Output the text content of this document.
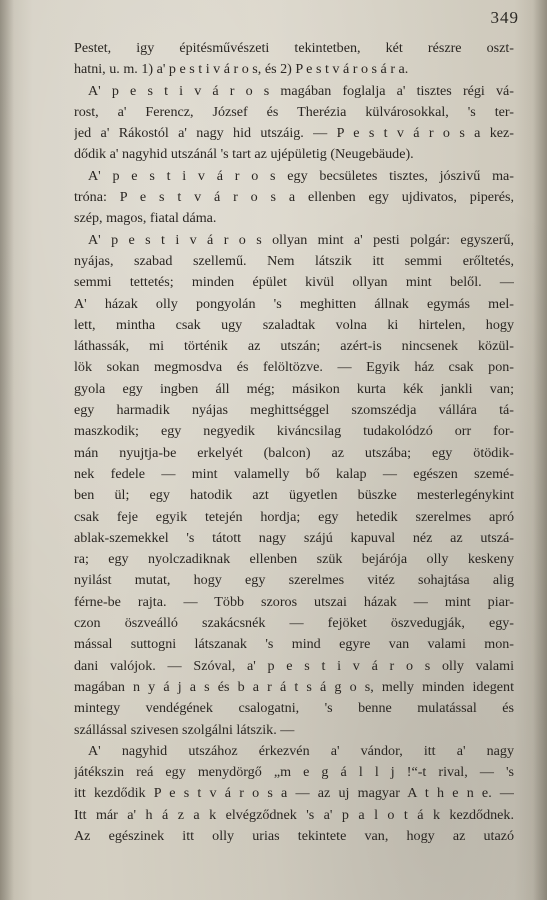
349
Pestet, igy épitésművészeti tekintetben, két részre oszt-
hatni, u. m. 1) a' p e s t i v á r o s, és 2) P e s t v á r o s á r a.
A' p e s t i v á r o s magában foglalja a' tisztes régi vá-
rost, a' Ferencz, József és Therézia külvárosokkal, 's ter-
jed a' Rákostól a' nagy hid utszáig. — P e s t v á r o s a kez-
dődik a' nagyhid utszánál 's tart az ujépületig (Neugebäude).
A' p e s t i v á r o s egy becsületes tisztes, jószivű ma-
tróna: P e s t v á r o s a ellenben egy ujdivatos, piperés,
szép, magos, fiatal dáma.
A' p e s t i v á r o s ollyan mint a' pesti polgár: egyszerű,
nyájas, szabad szellemű. Nem látszik itt semmi erőltetés,
semmi tettetés; minden épület kivül ollyan mint belől. —
A' házak olly pongyolán 's meghitten állnak egymás mel-
lett, mintha csak ugy szaladtak volna ki hirtelen, hogy
láthassák, mi történik az utszán; azért-is nincsenek közül-
lök sokan megmosdva és felöltözve. — Egyik ház csak pon-
gyola egy ingben áll még; másikon kurta kék jankli van;
egy harmadik nyájas meghittséggel szomszédja vállára tá-
maszkodik; egy negyedik kiváncsilag tudakolódzó orr for-
mán nyujtja-be erkelyét (balcon) az utszába; egy ötödik-
nek fedele — mint valamelly bő kalap — egészen szemé-
ben ül; egy hatodik azt ügyetlen büszke mesterlegénykint
csak feje egyik tetején hordja; egy hetedik szerelmes apró
ablak-szemekkel 's tátott nagy szájú kapuval néz az utszá-
ra; egy nyolczadiknak ellenben szük bejárója olly keskeny
nyilást mutat, hogy egy szerelmes vitéz sohajtása alig
férne-be rajta. — Több szoros utszai házak — mint piar-
czon öszveálló szakácsnék — fejöket öszvedugják, egy-
mással suttogni látszanak 's mind egyre van valami mon-
dani valójok. — Szóval, a' p e s t i v á r o s olly valami
magában n y á j a s és b a r á t s á g o s, melly minden idegent
mintegy vendégének csalogatni, 's benne mulatással és
szállással szivesen szolgálni látszik. —
A' nagyhid utszához érkezvén a' vándor, itt a' nagy
játékszin reá egy menydörgő „m e g á l l j !“-t rival, — 's
itt kezdődik P e s t v á r o s a — az uj magyar A t h e n e. —
Itt már a' h á z a k elvégződnek 's a' p a l o t á k kezdődnek.
Az egészinek itt olly urias tekintete van, hogy az utazó
